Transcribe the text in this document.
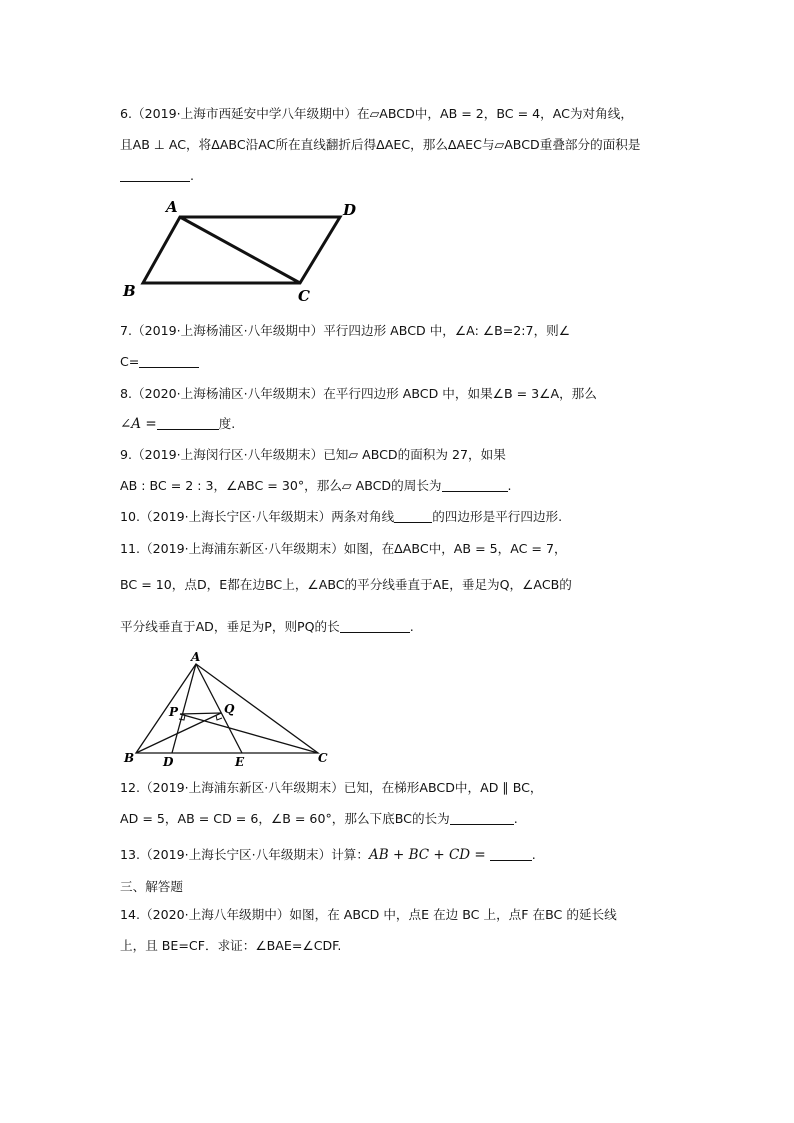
6.（2019·上海市西延安中学八年级期中）在▱ABCD中，AB = 2，BC = 4，AC为对角线，
且AB ⊥ AC，将ΔABC沿AC所在直线翻折后得ΔAEC，那么ΔAEC与▱ABCD重叠部分的面积是
.
A	D
B	C
7.（2019·上海杨浦区·八年级期中）平行四边形 ABCD 中，∠A: ∠B=2:7，则∠
C=
8.（2020·上海杨浦区·八年级期末）在平行四边形 ABCD 中，如果∠B = 3∠A，那么
∠A =	度.
9.（2019·上海闵行区·八年级期末）已知▱ ABCD的面积为 27，如果
AB : BC = 2 : 3，∠ABC = 30°，那么▱ ABCD的周长为	.
10.（2019·上海长宁区·八年级期末）两条对角线	的四边形是平行四边形.
11.（2019·上海浦东新区·八年级期末）如图，在ΔABC中，AB = 5，AC = 7，
BC = 10，点D，E都在边BC上，∠ABC的平分线垂直于AE，垂足为Q，∠ACB的
平分线垂直于AD，垂足为P，则PQ的长	.
A
P	Q
B D	E	C
12.（2019·上海浦东新区·八年级期末）已知，在梯形ABCD中，AD ∥ BC，
AD = 5，AB = CD = 6，∠B = 60°，那么下底BC的长为	.
13.（2019·上海长宁区·八年级期末）计算：AB + BC + CD =	.
三、解答题
14.（2020·上海八年级期中）如图，在 ABCD 中，点E 在边 BC 上，点F 在BC 的延长线
上，且 BE=CF．求证：∠BAE=∠CDF.
